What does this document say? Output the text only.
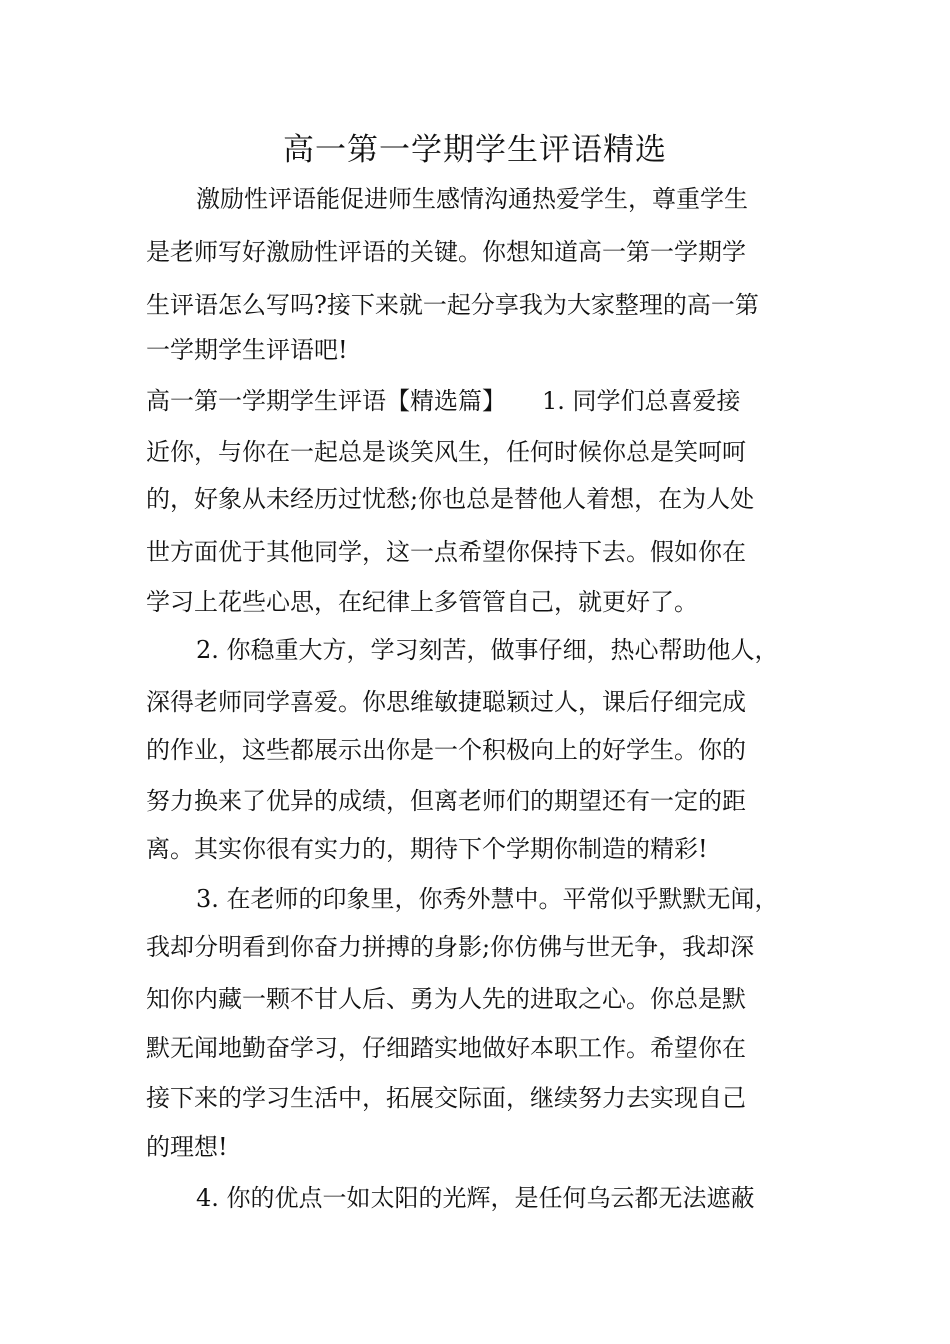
高一第一学期学生评语精选

激励性评语能促进师生感情沟通热爱学生，尊重学生

是老师写好激励性评语的关键。你想知道高一第一学期学

生评语怎么写吗?接下来就一起分享我为大家整理的高一第

一学期学生评语吧!

高一第一学期学生评语【精选篇】　　1. 同学们总喜爱接

近你，与你在一起总是谈笑风生，任何时候你总是笑呵呵

的，好象从未经历过忧愁;你也总是替他人着想，在为人处

世方面优于其他同学，这一点希望你保持下去。假如你在

学习上花些心思，在纪律上多管管自己，就更好了。

2. 你稳重大方，学习刻苦，做事仔细，热心帮助他人，

深得老师同学喜爱。你思维敏捷聪颖过人，课后仔细完成

的作业，这些都展示出你是一个积极向上的好学生。你的

努力换来了优异的成绩，但离老师们的期望还有一定的距

离。其实你很有实力的，期待下个学期你制造的精彩!

3. 在老师的印象里，你秀外慧中。平常似乎默默无闻，

我却分明看到你奋力拼搏的身影;你仿佛与世无争，我却深

知你内藏一颗不甘人后、勇为人先的进取之心。你总是默

默无闻地勤奋学习，仔细踏实地做好本职工作。希望你在

接下来的学习生活中，拓展交际面，继续努力去实现自己

的理想!

4. 你的优点一如太阳的光辉，是任何乌云都无法遮蔽
